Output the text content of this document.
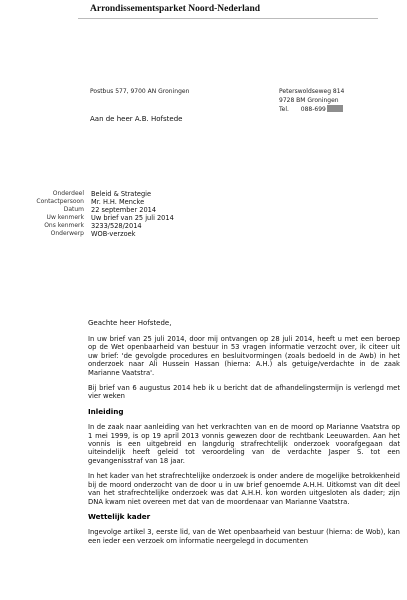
Arrondissementsparket Noord-Nederland
Postbus 577, 9700 AN Groningen	Peterswoldseweg 814
9728 BM Groningen
Tel. 088-699
Aan de heer A.B. Hofstede
Onderdeel	Beleid & Strategie
Contactpersoon	Mr. H.H. Mencke
Datum	22 september 2014
Uw kenmerk	Uw brief van 25 juli 2014
Ons kenmerk	3233/528/2014
Onderwerp	WOB-verzoek
Geachte heer Hofstede,

In uw brief van 25 juli 2014, door mij ontvangen op 28 juli 2014, heeft u met een beroep op de Wet openbaarheid van bestuur in 53 vragen informatie verzocht over, ik citeer uit uw brief: 'de gevolgde procedures en besluitvormingen (zoals bedoeld in de Awb) in het onderzoek naar Ali Hussein Hassan (hierna: A.H.) als getuige/verdachte in de zaak Marianne Vaatstra'.

Bij brief van 6 augustus 2014 heb ik u bericht dat de afhandelingstermijn is verlengd met vier weken

Inleiding

In de zaak naar aanleiding van het verkrachten van en de moord op Marianne Vaatstra op 1 mei 1999, is op 19 april 2013 vonnis gewezen door de rechtbank Leeuwarden. Aan het vonnis is een uitgebreid en langdurig strafrechtelijk onderzoek voorafgegaan dat uiteindelijk heeft geleid tot veroordeling van de verdachte Jasper S. tot een gevangenisstraf van 18 jaar.

In het kader van het strafrechtelijke onderzoek is onder andere de mogelijke betrokkenheid bij de moord onderzocht van de door u in uw brief genoemde A.H.H. Uitkomst van dit deel van het strafrechtelijke onderzoek was dat A.H.H. kon worden uitgesloten als dader; zijn DNA kwam niet overeen met dat van de moordenaar van Marianne Vaatstra.

Wettelijk kader

Ingevolge artikel 3, eerste lid, van de Wet openbaarheid van bestuur (hierna: de Wob), kan een ieder een verzoek om informatie neergelegd in documenten
